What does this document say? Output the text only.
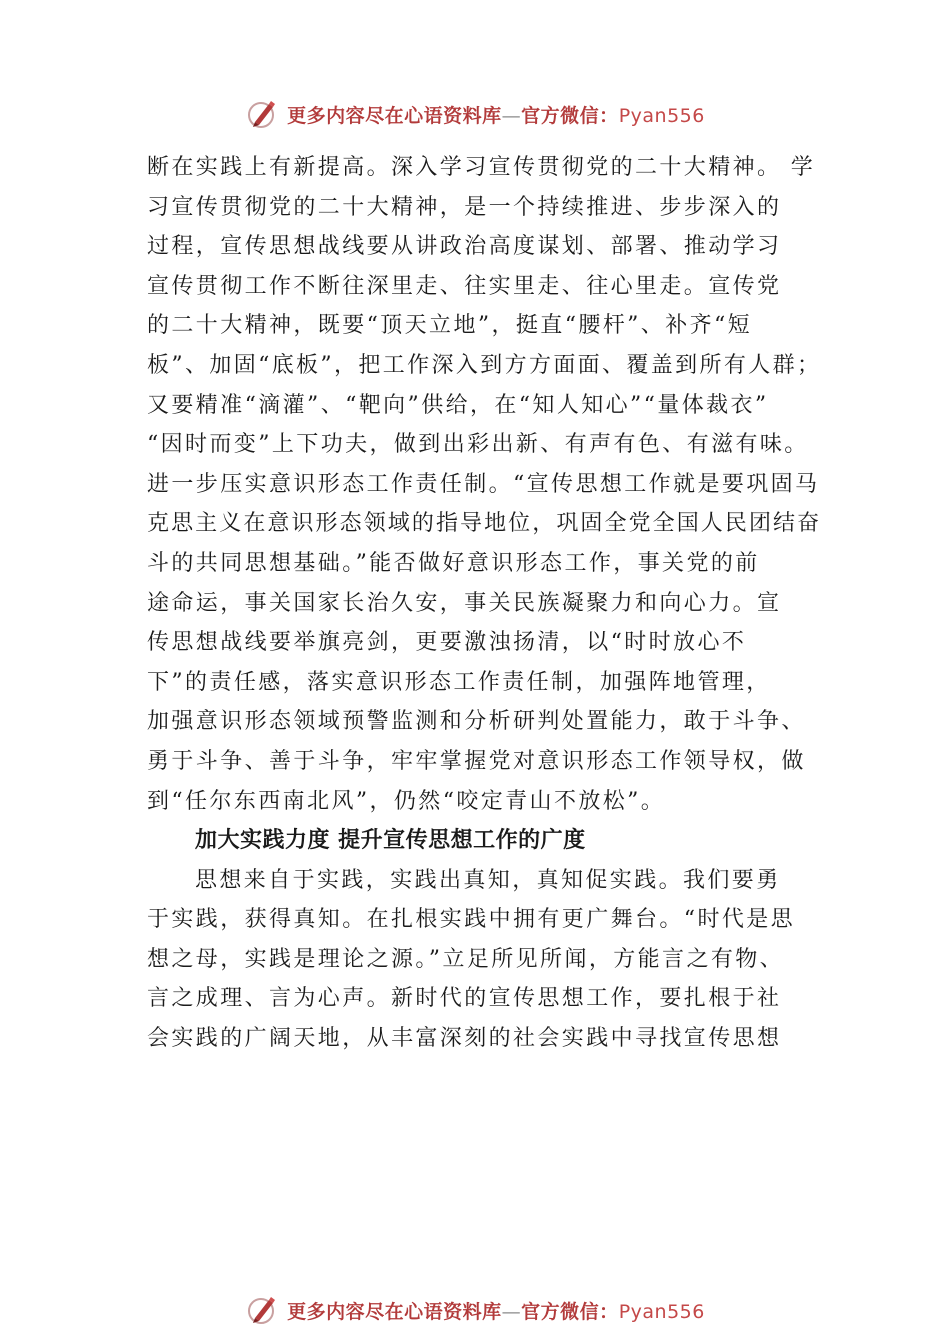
更多内容尽在心语资料库—官方微信：Pyan556
断在实践上有新提高。深入学习宣传贯彻党的二十大精神。 学
习宣传贯彻党的二十大精神，是一个持续推进、步步深入的
过程，宣传思想战线要从讲政治高度谋划、部署、推动学习
宣传贯彻工作不断往深里走、往实里走、往心里走。宣传党
的二十大精神，既要“顶天立地”，挺直“腰杆”、补齐“短
板”、加固“底板”，把工作深入到方方面面、覆盖到所有人群；
又要精准“滴灌”、“靶向”供给，在“知人知心”“量体裁衣”
“因时而变”上下功夫，做到出彩出新、有声有色、有滋有味。
进一步压实意识形态工作责任制。“宣传思想工作就是要巩固马
克思主义在意识形态领域的指导地位，巩固全党全国人民团结奋
斗的共同思想基础。”能否做好意识形态工作，事关党的前
途命运，事关国家长治久安，事关民族凝聚力和向心力。宣
传思想战线要举旗亮剑，更要激浊扬清，以“时时放心不
下”的责任感，落实意识形态工作责任制，加强阵地管理，
加强意识形态领域预警监测和分析研判处置能力，敢于斗争、
勇于斗争、善于斗争，牢牢掌握党对意识形态工作领导权，做
到“任尔东西南北风”，仍然“咬定青山不放松”。
加大实践力度 提升宣传思想工作的广度
思想来自于实践，实践出真知，真知促实践。我们要勇
于实践，获得真知。在扎根实践中拥有更广舞台。“时代是思
想之母，实践是理论之源。”立足所见所闻，方能言之有物、
言之成理、言为心声。新时代的宣传思想工作，要扎根于社
会实践的广阔天地，从丰富深刻的社会实践中寻找宣传思想
更多内容尽在心语资料库—官方微信：Pyan556
